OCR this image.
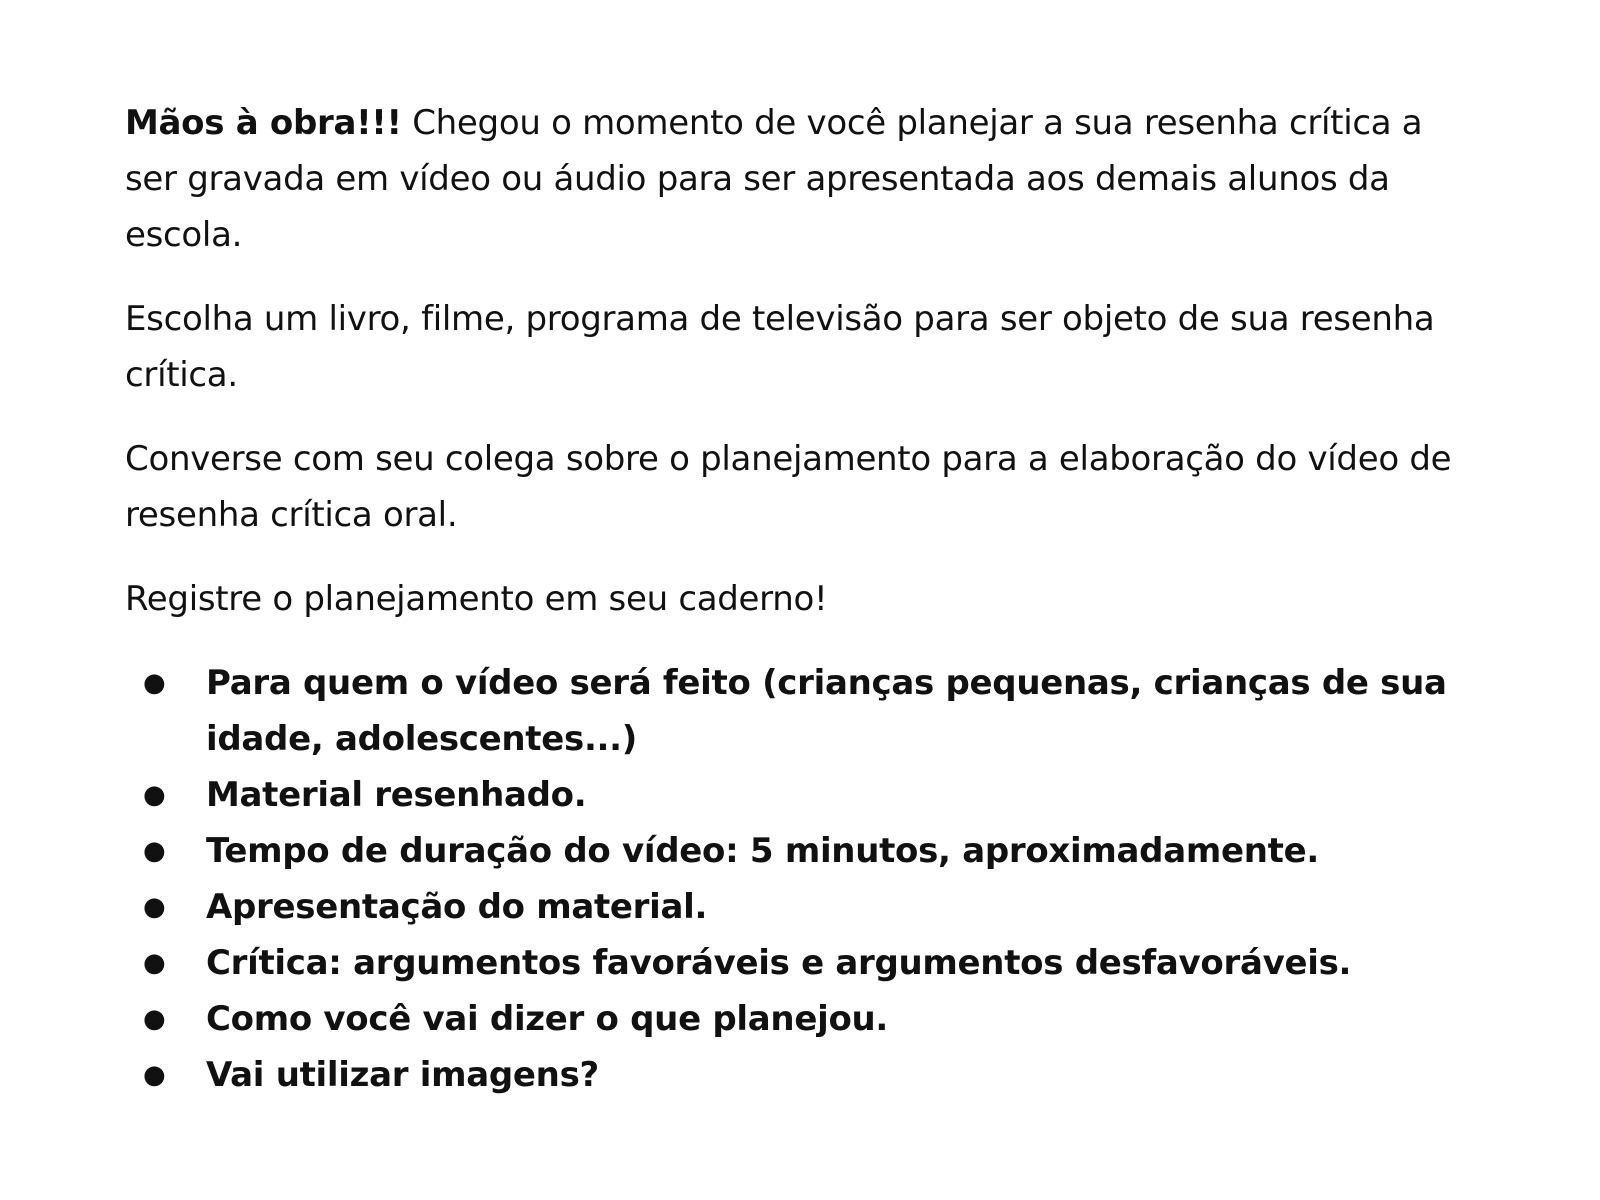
Mãos à obra!!! Chegou o momento de você planejar a sua resenha crítica a ser gravada em vídeo ou áudio para ser apresentada aos demais alunos da escola.

Escolha um livro, filme, programa de televisão para ser objeto de sua resenha crítica.

Converse com seu colega sobre o planejamento para a elaboração do vídeo de resenha crítica oral.

Registre o planejamento em seu caderno!

● Para quem o vídeo será feito (crianças pequenas, crianças de sua idade, adolescentes...)
● Material resenhado.
● Tempo de duração do vídeo: 5 minutos, aproximadamente.
● Apresentação do material.
● Crítica: argumentos favoráveis e argumentos desfavoráveis.
● Como você vai dizer o que planejou.
● Vai utilizar imagens?
